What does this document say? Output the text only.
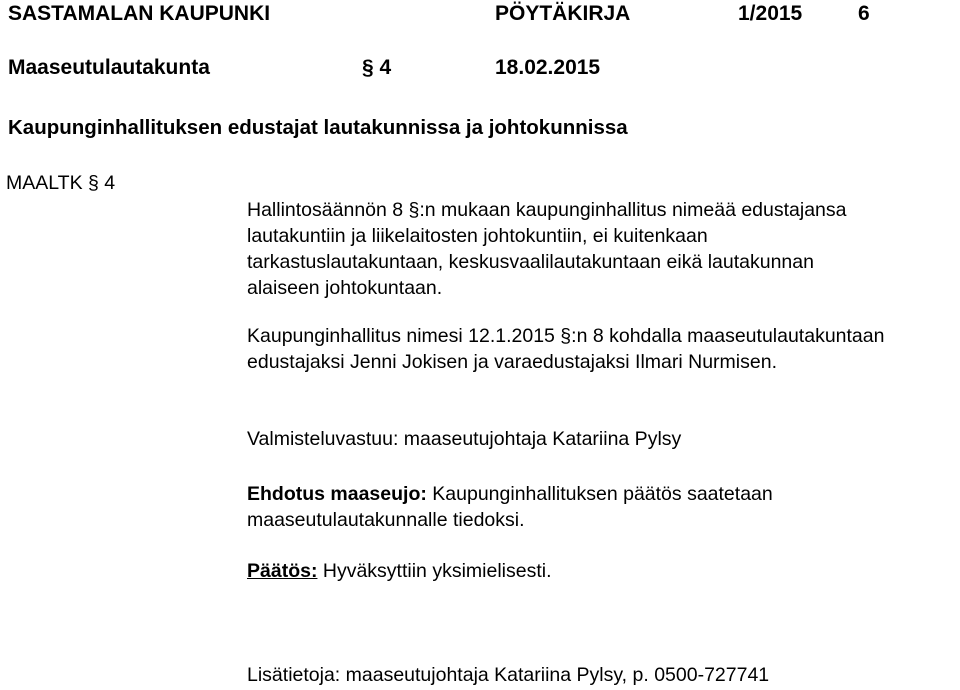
SASTAMALAN KAUPUNKI	PÖYTÄKIRJA	1/2015	6
Maaseutulautakunta	§ 4	18.02.2015
Kaupunginhallituksen edustajat lautakunnissa ja johtokunnissa
MAALTK § 4
Hallintosäännön 8 §:n mukaan kaupunginhallitus nimeää edustajansa
lautakuntiin ja liikelaitosten johtokuntiin, ei kuitenkaan
tarkastuslautakuntaan, keskusvaalilautakuntaan eikä lautakunnan
alaiseen johtokuntaan.
Kaupunginhallitus nimesi 12.1.2015 §:n 8 kohdalla maaseutulautakuntaan
edustajaksi Jenni Jokisen ja varaedustajaksi Ilmari Nurmisen.
Valmisteluvastuu: maaseutujohtaja Katariina Pylsy
Ehdotus maaseujo: Kaupunginhallituksen päätös saatetaan
maaseutulautakunnalle tiedoksi.
Päätös: Hyväksyttiin yksimielisesti.
Lisätietoja: maaseutujohtaja Katariina Pylsy, p. 0500-727741
